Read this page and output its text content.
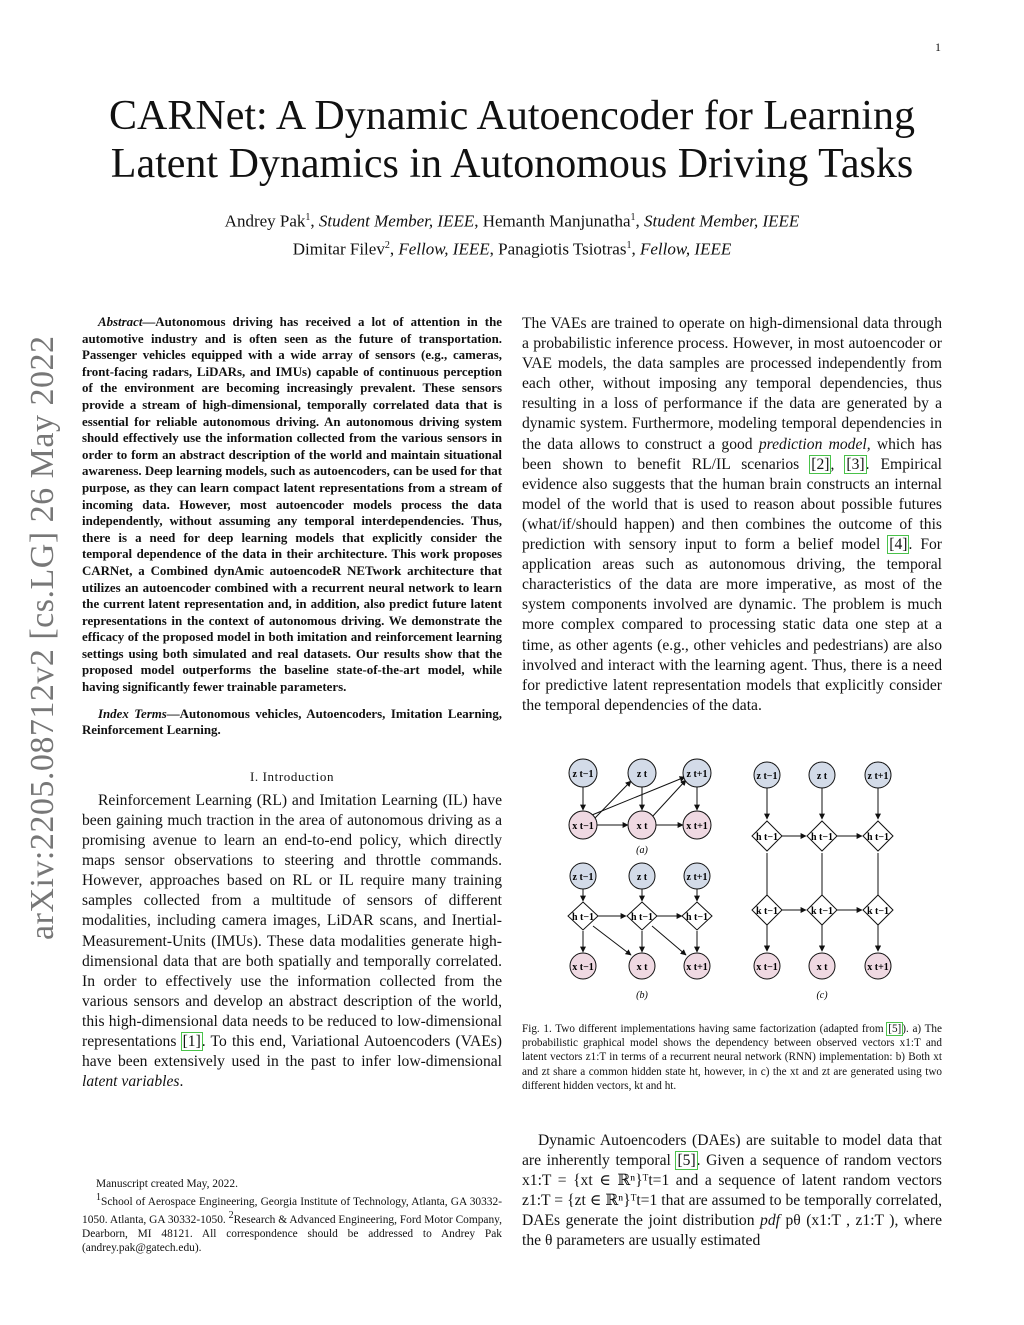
1
arXiv:2205.08712v2 [cs.LG] 26 May 2022
CARNet: A Dynamic Autoencoder for Learning
Latent Dynamics in Autonomous Driving Tasks
Andrey Pak$^1$, Student Member, IEEE, Hemanth Manjunatha$^1$, Student Member, IEEE
Dimitar Filev$^2$, Fellow, IEEE, Panagiotis Tsiotras$^1$, Fellow, IEEE

Abstract—Autonomous driving has received a lot of attention in the automotive industry and is often seen as the future of transportation. Passenger vehicles equipped with a wide array of sensors (e.g., cameras, front-facing radars, LiDARs, and IMUs) capable of continuous perception of the environment are becoming increasingly prevalent. These sensors provide a stream of high-dimensional, temporally correlated data that is essential for reliable autonomous driving. An autonomous driving system should effectively use the information collected from the various sensors in order to form an abstract description of the world and maintain situational awareness. Deep learning models, such as autoencoders, can be used for that purpose, as they can learn compact latent representations from a stream of incoming data. However, most autoencoder models process the data independently, without assuming any temporal interdependencies. Thus, there is a need for deep learning models that explicitly consider the temporal dependence of the data in their architecture. This work proposes CARNet, a Combined dynAmic autoencodeR NETwork architecture that utilizes an autoencoder combined with a recurrent neural network to learn the current latent representation and, in addition, also predict future latent representations in the context of autonomous driving. We demonstrate the efficacy of the proposed model in both imitation and reinforcement learning settings using both simulated and real datasets. Our results show that the proposed model outperforms the baseline state-of-the-art model, while having significantly fewer trainable parameters.

Index Terms—Autonomous vehicles, Autoencoders, Imitation Learning, Reinforcement Learning.

I. Introduction

Reinforcement Learning (RL) and Imitation Learning (IL) have been gaining much traction in the area of autonomous driving as a promising avenue to learn an end-to-end policy, which directly maps sensor observations to steering and throttle commands. However, approaches based on RL or IL require many training samples collected from a multitude of sensors of different modalities, including camera images, LiDAR scans, and Inertial-Measurement-Units (IMUs). These data modalities generate high-dimensional data that are both spatially and temporally correlated. In order to effectively use the information collected from the various sensors and develop an abstract description of the world, this high-dimensional data needs to be reduced to low-dimensional representations [1]. To this end, Variational Autoencoders (VAEs) have been extensively used in the past to infer low-dimensional latent variables.

Manuscript created May, 2022.

$^1$School of Aerospace Engineering, Georgia Institute of Technology, Atlanta, GA 30332-1050. Atlanta, GA 30332-1050. $^2$Research & Advanced Engineering, Ford Motor Company, Dearborn, MI 48121. All correspondence should be addressed to Andrey Pak (andrey.pak@gatech.edu).

The VAEs are trained to operate on high-dimensional data through a probabilistic inference process. However, in most autoencoder or VAE models, the data samples are processed independently from each other, without imposing any temporal dependencies, thus resulting in a loss of performance if the data are generated by a dynamic system. Furthermore, modeling temporal dependencies in the data allows to construct a good prediction model, which has been shown to benefit RL/IL scenarios [2], [3]. Empirical evidence also suggests that the human brain constructs an internal model of the world that is used to reason about possible futures (what/if/should happen) and then combines the outcome of this prediction with sensory input to form a belief model [4]. For application areas such as autonomous driving, the temporal characteristics of the data are more imperative, as most of the system components involved are dynamic. The problem is much more complex compared to processing static data one step at a time, as other agents (e.g., other vehicles and pedestrians) are also involved and interact with the learning agent. Thus, there is a need for predictive latent representation models that explicitly consider the temporal dependencies of the data.

z t−1	z t	z t+1
x t−1	x t	x t+1
(a)
z t−1	z t	z t+1
h t−1	h t−1	h t−1
x t−1	x t	x t+1
(b)
z t−1	z t	z t+1
h t−1	h t−1	h t−1
k t−1	k t−1	k t−1
x t−1	x t	x t+1
(c)
Fig. 1. Two different implementations having same factorization (adapted from [5]). a) The probabilistic graphical model shows the dependency between observed vectors x1:T and latent vectors z1:T in terms of a recurrent neural network (RNN) implementation: b) Both xt and zt share a common hidden state ht, however, in c) the xt and zt are generated using two different hidden vectors, kt and ht.

Dynamic Autoencoders (DAEs) are suitable to model data that are inherently temporal [5]. Given a sequence of random vectors x1:T = {xt ∈ ℝⁿ}ᵀt=1 and a sequence of latent random vectors z1:T = {zt ∈ ℝⁿ}ᵀt=1 that are assumed to be temporally correlated, DAEs generate the joint distribution pdf pθ (x1:T , z1:T ), where the θ parameters are usually estimated
